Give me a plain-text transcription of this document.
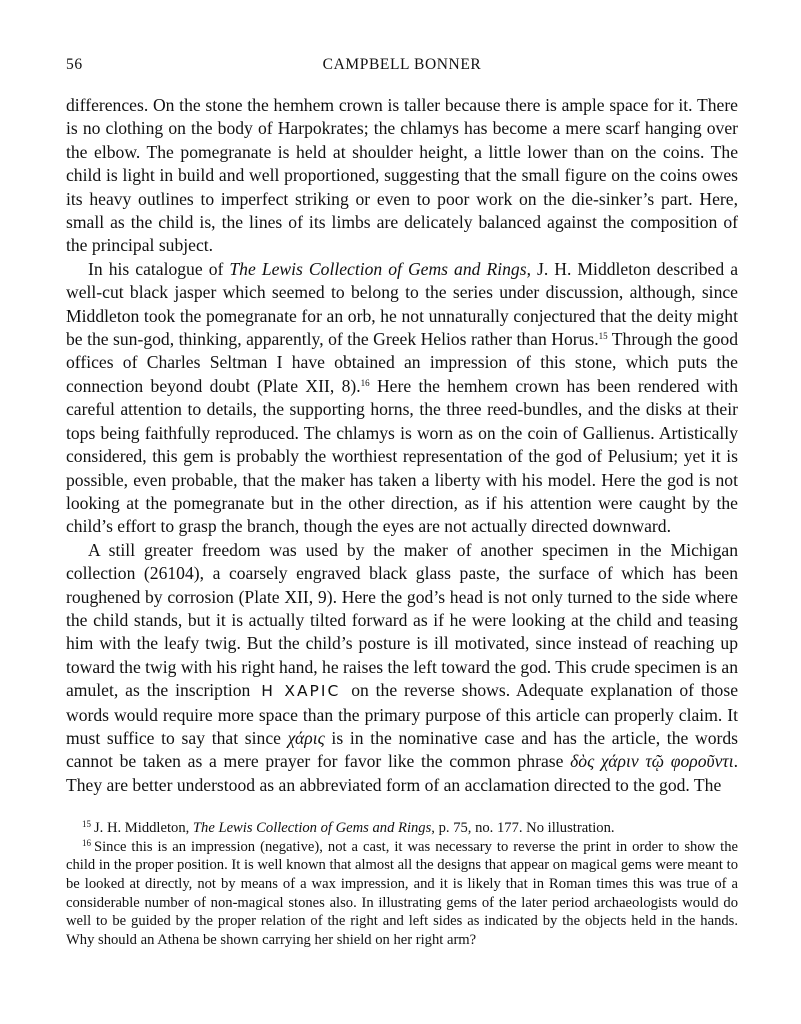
56	CAMPBELL BONNER

differences. On the stone the hemhem crown is taller because there is ample space for it. There is no clothing on the body of Harpokrates; the chlamys has become a mere scarf hanging over the elbow. The pomegranate is held at shoulder height, a little lower than on the coins. The child is light in build and well proportioned, suggesting that the small figure on the coins owes its heavy outlines to imperfect striking or even to poor work on the die-sinker’s part. Here, small as the child is, the lines of its limbs are delicately balanced against the composition of the principal subject.

In his catalogue of The Lewis Collection of Gems and Rings, J. H. Middleton described a well-cut black jasper which seemed to belong to the series under discussion, although, since Middleton took the pomegranate for an orb, he not unnaturally conjectured that the deity might be the sun-god, thinking, apparently, of the Greek Helios rather than Horus.$^{15}$ Through the good offices of Charles Seltman I have obtained an impression of this stone, which puts the connection beyond doubt (Plate XII, 8).$^{16}$ Here the hemhem crown has been rendered with careful attention to details, the supporting horns, the three reed-bundles, and the disks at their tops being faithfully reproduced. The chlamys is worn as on the coin of Gallienus. Artistically considered, this gem is probably the worthiest representation of the god of Pelusium; yet it is possible, even probable, that the maker has taken a liberty with his model. Here the god is not looking at the pomegranate but in the other direction, as if his attention were caught by the child’s effort to grasp the branch, though the eyes are not actually directed downward.

A still greater freedom was used by the maker of another specimen in the Michigan collection (26104), a coarsely engraved black glass paste, the surface of which has been roughened by corrosion (Plate XII, 9). Here the god’s head is not only turned to the side where the child stands, but it is actually tilted forward as if he were looking at the child and teasing him with the leafy twig. But the child’s posture is ill motivated, since instead of reaching up toward the twig with his right hand, he raises the left toward the god. This crude specimen is an amulet, as the inscription H XAPIC on the reverse shows. Adequate explanation of those words would require more space than the primary purpose of this article can properly claim. It must suffice to say that since χάρις is in the nominative case and has the article, the words cannot be taken as a mere prayer for favor like the common phrase δὸς χάριν τῷ φοροῦντι. They are better understood as an abbreviated form of an acclamation directed to the god. The

$^{15}$ J. H. Middleton, The Lewis Collection of Gems and Rings, p. 75, no. 177. No illustration.

$^{16}$ Since this is an impression (negative), not a cast, it was necessary to reverse the print in order to show the child in the proper position. It is well known that almost all the designs that appear on magical gems were meant to be looked at directly, not by means of a wax impression, and it is likely that in Roman times this was true of a considerable number of non-magical stones also. In illustrating gems of the later period archaeologists would do well to be guided by the proper relation of the right and left sides as indicated by the objects held in the hands. Why should an Athena be shown carrying her shield on her right arm?
